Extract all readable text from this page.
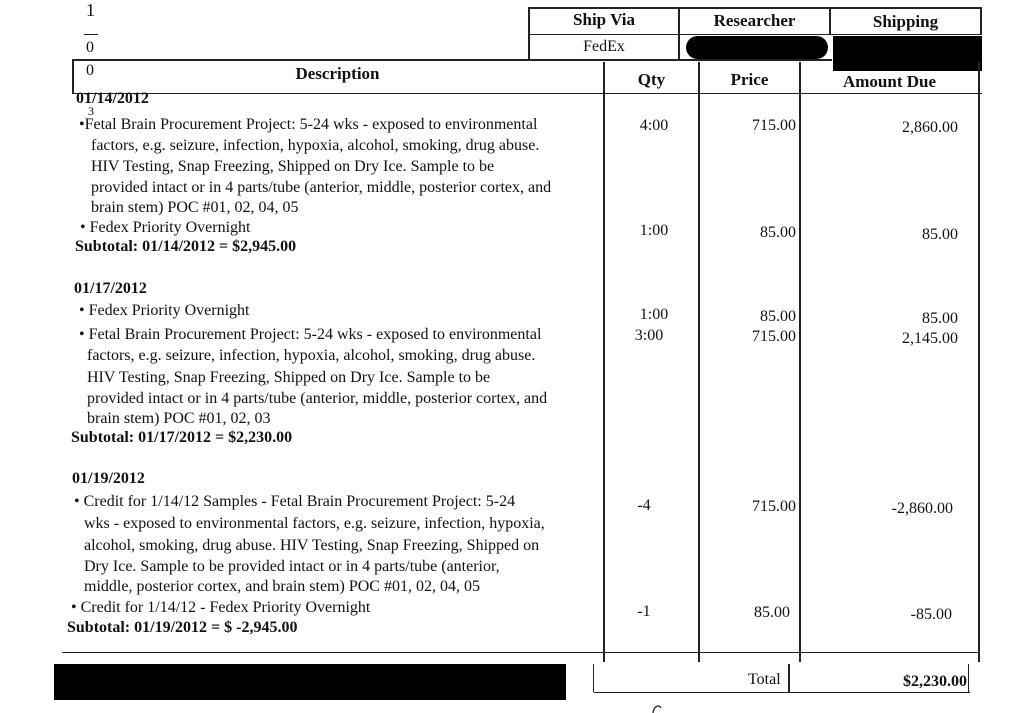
1
0
0
3
Ship Via	Researcher	Shipping
FedEx
Description	Qty	Price	Amount Due
01/14/2012
•Fetal Brain Procurement Project: 5-24 wks - exposed to environmental
factors, e.g. seizure, infection, hypoxia, alcohol, smoking, drug abuse.
HIV Testing, Snap Freezing, Shipped on Dry Ice. Sample to be
provided intact or in 4 parts/tube (anterior, middle, posterior cortex, and
brain stem) POC #01, 02, 04, 05
4:00	715.00	2,860.00
• Fedex Priority Overnight	1:00	85.00	85.00
Subtotal: 01/14/2012 = $2,945.00
01/17/2012
• Fedex Priority Overnight	1:00	85.00	85.00
• Fetal Brain Procurement Project: 5-24 wks - exposed to environmental
factors, e.g. seizure, infection, hypoxia, alcohol, smoking, drug abuse.
HIV Testing, Snap Freezing, Shipped on Dry Ice. Sample to be
provided intact or in 4 parts/tube (anterior, middle, posterior cortex, and
brain stem) POC #01, 02, 03
3:00	715.00	2,145.00
Subtotal: 01/17/2012 = $2,230.00
01/19/2012
• Credit for 1/14/12 Samples - Fetal Brain Procurement Project: 5-24
wks - exposed to environmental factors, e.g. seizure, infection, hypoxia,
alcohol, smoking, drug abuse. HIV Testing, Snap Freezing, Shipped on
Dry Ice. Sample to be provided intact or in 4 parts/tube (anterior,
middle, posterior cortex, and brain stem) POC #01, 02, 04, 05
-4	715.00	-2,860.00
• Credit for 1/14/12 - Fedex Priority Overnight	-1	85.00	-85.00
Subtotal: 01/19/2012 = $ -2,945.00
Total	$2,230.00
